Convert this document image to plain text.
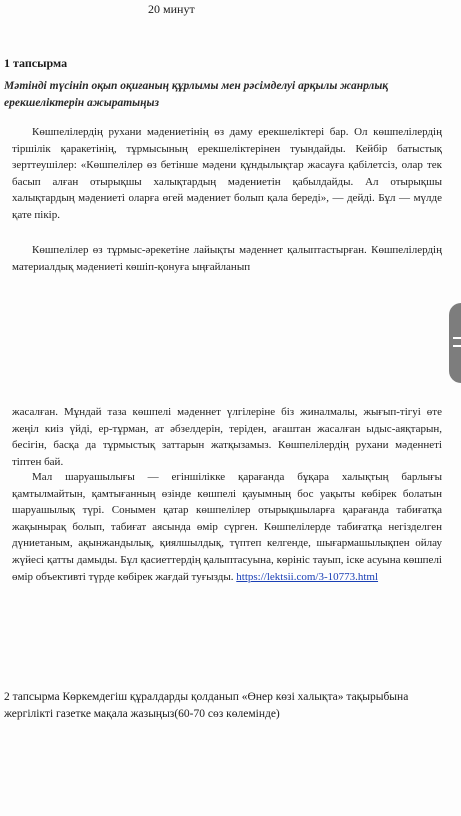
20 минут
1 тапсырма
Мәтінді түсініп оқып оқиғаның құрлымы мен рәсімделуі арқылы жанрлық ерекшеліктерін ажыратыңыз
Көшпелілердің рухани мәдениетінің өз даму ерекшеліктері бар. Ол көшпелілердің тіршілік қаракетінің, тұрмысының ерекшеліктерінен туындайды. Кейбір батыстық зерттеушілер: «Көшпелілер өз бетінше мәдени құндылықтар жасауға қабілетсіз, олар тек басып алған отырықшы халықтардың мәдениетін қабылдайды. Ал отырықшы халықтардың мәдениеті оларға өгей мәдениет болып қала береді», — дейді. Бұл — мүлде қате пікір.
Көшпелілер өз тұрмыс-әрекетіне лайықты мәденнет қалыптастырған. Көшпелілердің материалдық мәдениеті көшіп-қонуға ыңғайланып
жасалған. Мұндай таза көшпелі мәденнет үлгілеріне біз жиналмалы, жығып-тігуі өте жеңіл киіз үйді, ер-тұрман, ат әбзелдерін, теріден, ағаштан жасалған ыдыс-аяқтарын, бесігін, басқа да тұрмыстық заттарын жатқызамыз. Көшпелілердің рухани мәденнеті тіптен бай.
Мал шаруашылығы — егіншілікке қарағанда бұқара халықтың барлығы қамтылмайтын, қамтығанның өзінде көшпелі қауымның бос уақыты көбірек болатын шаруашылық түрі. Сонымен қатар көшпелілер отырықшыларға қарағанда табиғатқа жақынырақ болып, табиғат аясында өмір сүрген. Көшпелілерде табиғатқа негізделген дүниетаным, ақынжандылық, қиялшылдық, түптеп келгенде, шығармашылықпен ойлау жүйесі қатты дамыды. Бұл қасиеттердің қалыптасуына, көрініс тауып, іске асуына көшпелі өмір объективті түрде көбірек жағдай туғызды. https://lektsii.com/3-10773.html
2 тапсырма Көркемдегіш құралдарды қолданып «Өнер көзі халықта» тақырыбына жергілікті газетке мақала жазыңыз(60-70 сөз көлемінде)
